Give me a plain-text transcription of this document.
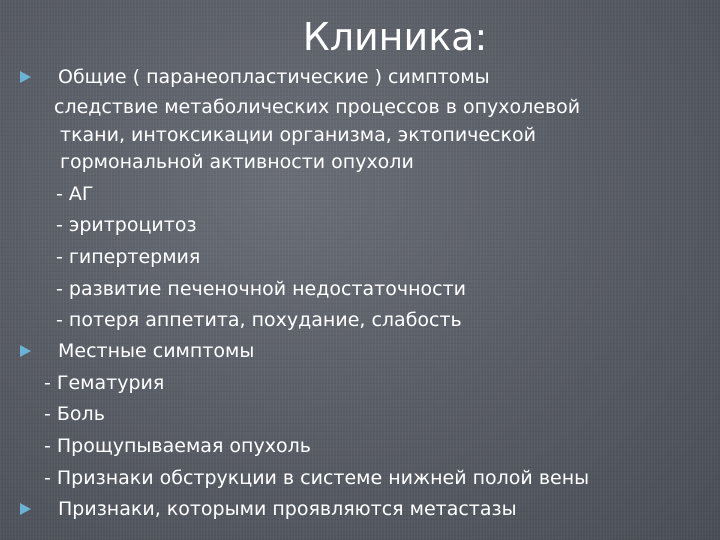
Клиника:
Общие ( паранеопластические ) симптомы
следствие метаболических процессов в опухолевой
ткани, интоксикации организма, эктопической
гормональной активности опухоли
- АГ
- эритроцитоз
- гипертермия
- развитие печеночной недостаточности
- потеря аппетита, похудание, слабость
Местные симптомы
- Гематурия
- Боль
- Прощупываемая опухоль
- Признаки обструкции в системе нижней полой вены
Признаки, которыми проявляются метастазы
